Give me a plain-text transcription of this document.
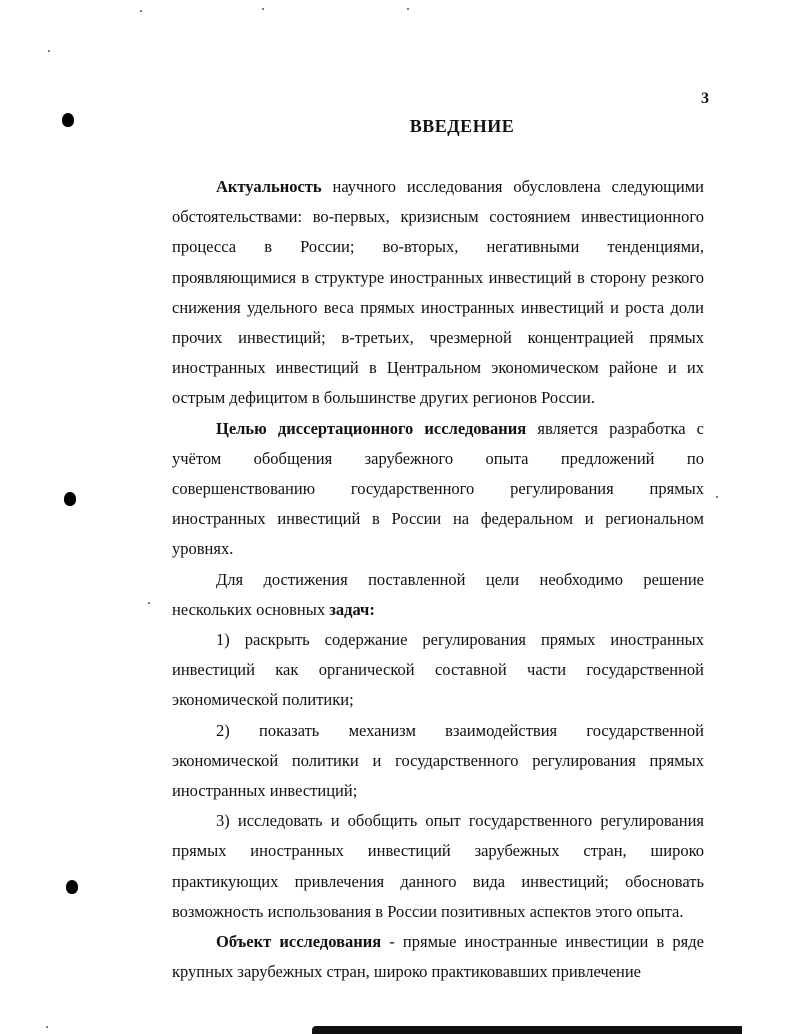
3
ВВЕДЕНИЕ

Актуальность научного исследования обусловлена следующими обстоятельствами: во-первых, кризисным состоянием инвестиционного процесса в России; во-вторых, негативными тенденциями, проявляющимися в структуре иностранных инвестиций в сторону резкого снижения удельного веса прямых иностранных инвестиций и роста доли прочих инвестиций; в-третьих, чрезмерной концентрацией прямых иностранных инвестиций в Центральном экономическом районе и их острым дефицитом в большинстве других регионов России.

Целью диссертационного исследования является разработка с учётом обобщения зарубежного опыта предложений по совершенствованию государственного регулирования прямых иностранных инвестиций в России на федеральном и региональном уровнях.

Для достижения поставленной цели необходимо решение нескольких основных задач:

1) раскрыть содержание регулирования прямых иностранных инвестиций как органической составной части государственной экономической политики;

2) показать механизм взаимодействия государственной экономической политики и государственного регулирования прямых иностранных инвестиций;

3) исследовать и обобщить опыт государственного регулирования прямых иностранных инвестиций зарубежных стран, широко практикующих привлечения данного вида инвестиций; обосновать возможность использования в России позитивных аспектов этого опыта.

Объект исследования - прямые иностранные инвестиции в ряде крупных зарубежных стран, широко практиковавших привлечение
